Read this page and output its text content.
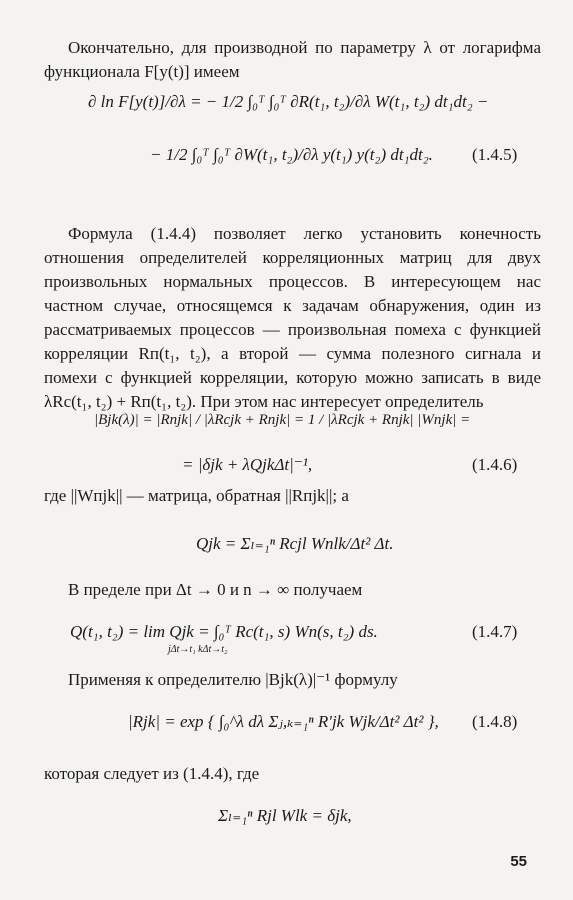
Окончательно, для производной по параметру λ от логарифма функционала F[y(t)] имеем

∂ ln F[y(t)]/∂λ = − 1/2 ∫₀ᵀ ∫₀ᵀ ∂R(t₁, t₂)/∂λ W(t₁, t₂) dt₁dt₂ −
− 1/2 ∫₀ᵀ ∫₀ᵀ ∂W(t₁, t₂)/∂λ y(t₁) y(t₂) dt₁dt₂. (1.4.5)

Формула (1.4.4) позволяет легко установить конечность отношения определителей корреляционных матриц для двух произвольных нормальных процессов. В интересующем нас частном случае, относящемся к задачам обнаружения, один из рассматриваемых процессов — произвольная помеха с функцией корреляции Rп(t₁, t₂), а второй — сумма полезного сигнала и помехи с функцией корреляции, которую можно записать в виде λRc(t₁, t₂) + Rп(t₁, t₂). При этом нас интересует определитель

|Bjk(λ)| = |Rпjk| / |λRcjk + Rпjk| = 1 / |λRcjk + Rпjk| |Wпjk| =
= |δjk + λQjkΔt|⁻¹,	(1.4.6)

где ||Wпjk|| — матрица, обратная ||Rпjk||; а

Qjk = Σₗ₌₁ⁿ Rcjl Wпlk/Δt² Δt.

В пределе при Δt → 0 и n → ∞ получаем

Q(t₁, t₂) = lim Qjk = ∫₀ᵀ Rc(t₁, s) Wп(s, t₂) ds.
jΔt→t₁ kΔt→t₂
(1.4.7)

Применяя к определителю |Bjk(λ)|⁻¹ формулу

|Rjk| = exp { ∫₀^λ dλ Σⱼ,ₖ₌₁ⁿ R′jk Wjk/Δt² Δt² }, (1.4.8)

которая следует из (1.4.4), где

Σₗ₌₁ⁿ Rjl Wlk = δjk,
55
